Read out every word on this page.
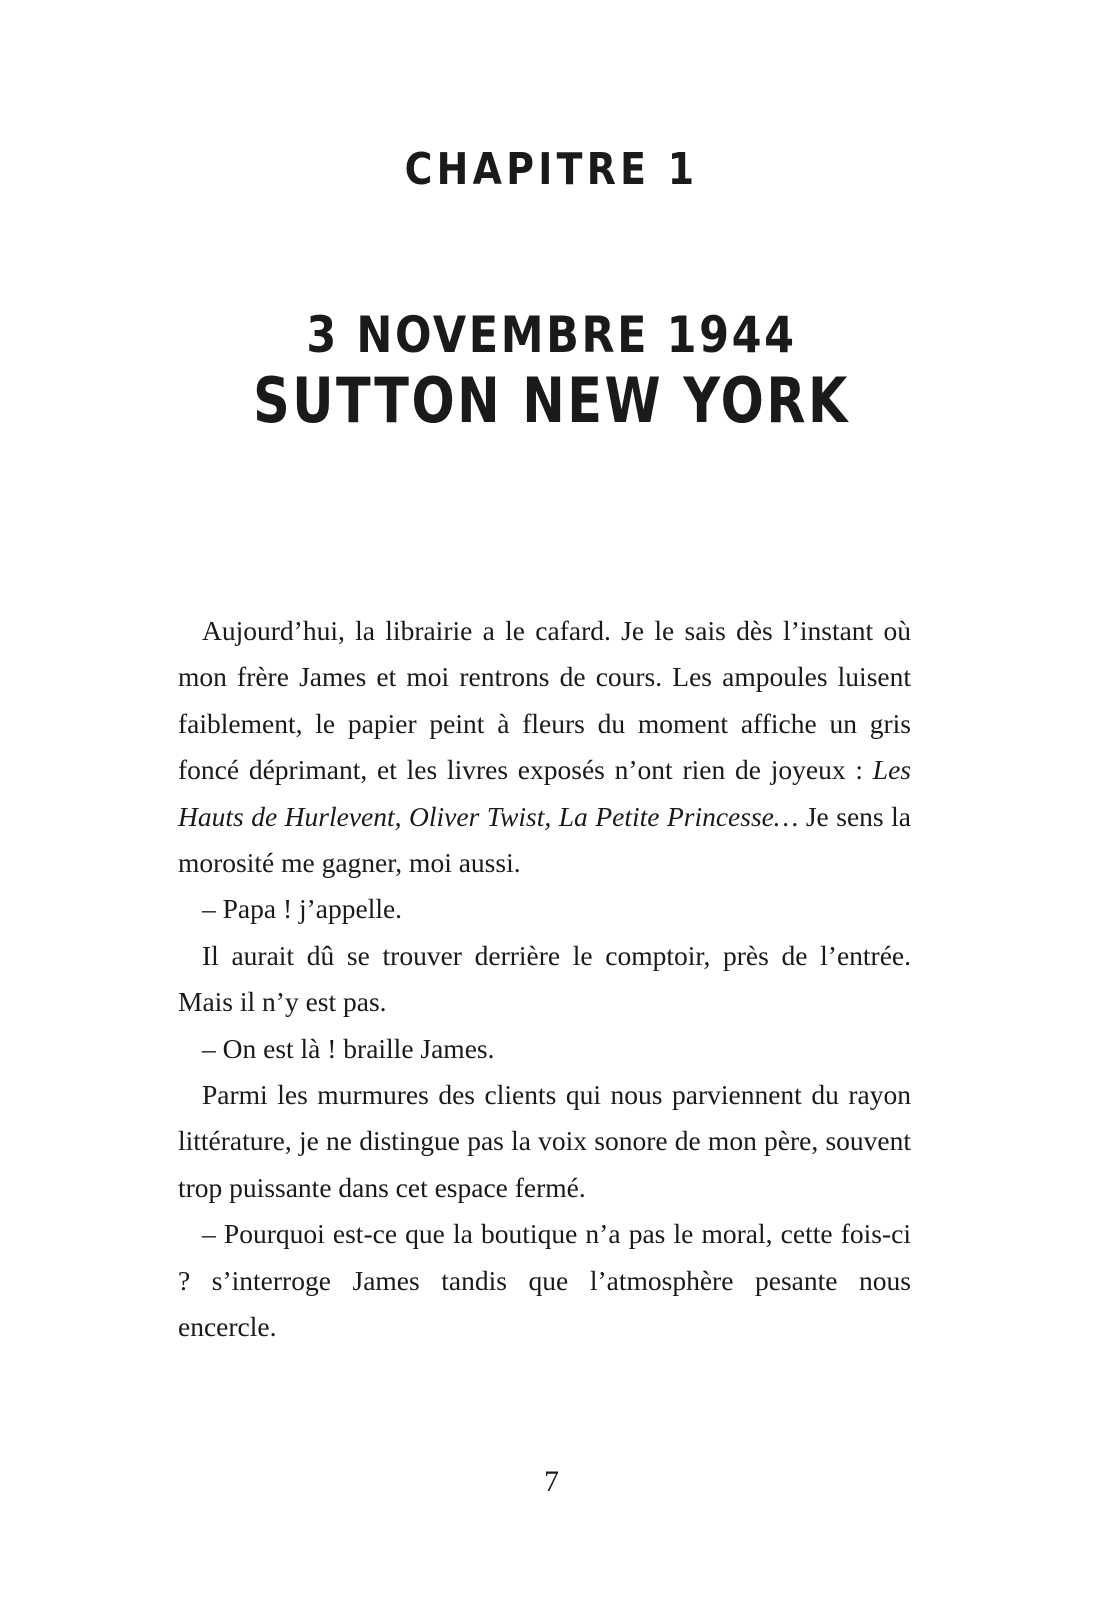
CHAPITRE 1
3 NOVEMBRE 1944
SUTTON NEW YORK

Aujourd’hui, la librairie a le cafard. Je le sais dès l’instant où mon frère James et moi rentrons de cours. Les ampoules luisent faiblement, le papier peint à fleurs du moment affiche un gris foncé déprimant, et les livres exposés n’ont rien de joyeux : Les Hauts de Hurlevent, Oliver Twist, La Petite Princesse… Je sens la morosité me gagner, moi aussi.

– Papa ! j’appelle.

Il aurait dû se trouver derrière le comptoir, près de l’entrée. Mais il n’y est pas.

– On est là ! braille James.

Parmi les murmures des clients qui nous parviennent du rayon littérature, je ne distingue pas la voix sonore de mon père, souvent trop puissante dans cet espace fermé.

– Pourquoi est-ce que la boutique n’a pas le moral, cette fois-ci ? s’interroge James tandis que l’atmosphère pesante nous encercle.

7
